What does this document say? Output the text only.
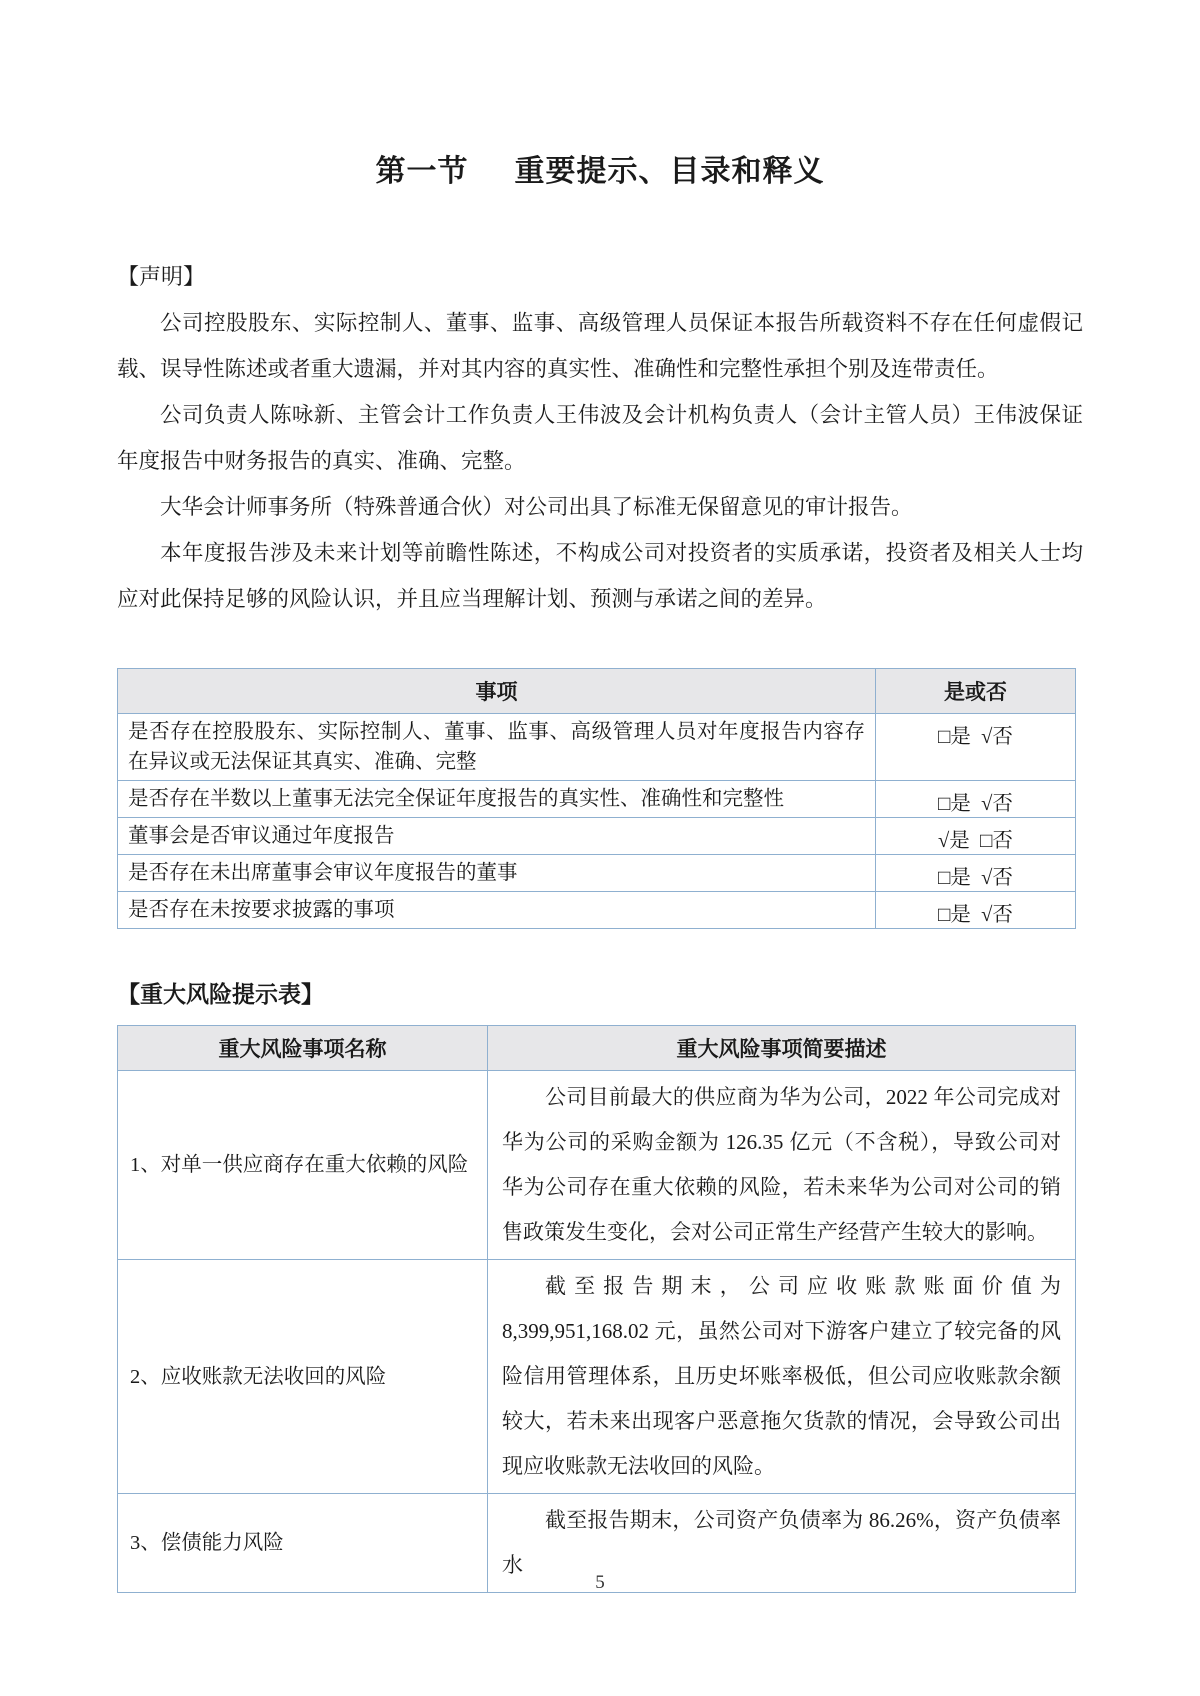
第一节 重要提示、目录和释义
【声明】

公司控股股东、实际控制人、董事、监事、高级管理人员保证本报告所载资料不存在任何虚假记载、误导性陈述或者重大遗漏，并对其内容的真实性、准确性和完整性承担个别及连带责任。

公司负责人陈咏新、主管会计工作负责人王伟波及会计机构负责人（会计主管人员）王伟波保证年度报告中财务报告的真实、准确、完整。

大华会计师事务所（特殊普通合伙）对公司出具了标准无保留意见的审计报告。

本年度报告涉及未来计划等前瞻性陈述，不构成公司对投资者的实质承诺，投资者及相关人士均应对此保持足够的风险认识，并且应当理解计划、预测与承诺之间的差异。

事项	是或否
是否存在控股股东、实际控制人、董事、监事、高级管理人员对年度报告内容存在异议或无法保证其真实、准确、完整	□是  √否
是否存在半数以上董事无法完全保证年度报告的真实性、准确性和完整性	□是  √否
董事会是否审议通过年度报告	√是  □否
是否存在未出席董事会审议年度报告的董事	□是  √否
是否存在未按要求披露的事项	□是  √否
【重大风险提示表】
重大风险事项名称	重大风险事项简要描述
1、对单一供应商存在重大依赖的风险	公司目前最大的供应商为华为公司，2022 年公司完成对华为公司的采购金额为 126.35 亿元（不含税），导致公司对华为公司存在重大依赖的风险，若未来华为公司对公司的销售政策发生变化，会对公司正常生产经营产生较大的影响。

2、应收账款无法收回的风险	截至报告期末，公司应收账款账面价值为 8,399,951,168.02 元，虽然公司对下游客户建立了较完备的风险信用管理体系，且历史坏账率极低，但公司应收账款余额较大，若未来出现客户恶意拖欠货款的情况，会导致公司出现应收账款无法收回的风险。

3、偿债能力风险	截至报告期末，公司资产负债率为 86.26%，资产负债率水
5
